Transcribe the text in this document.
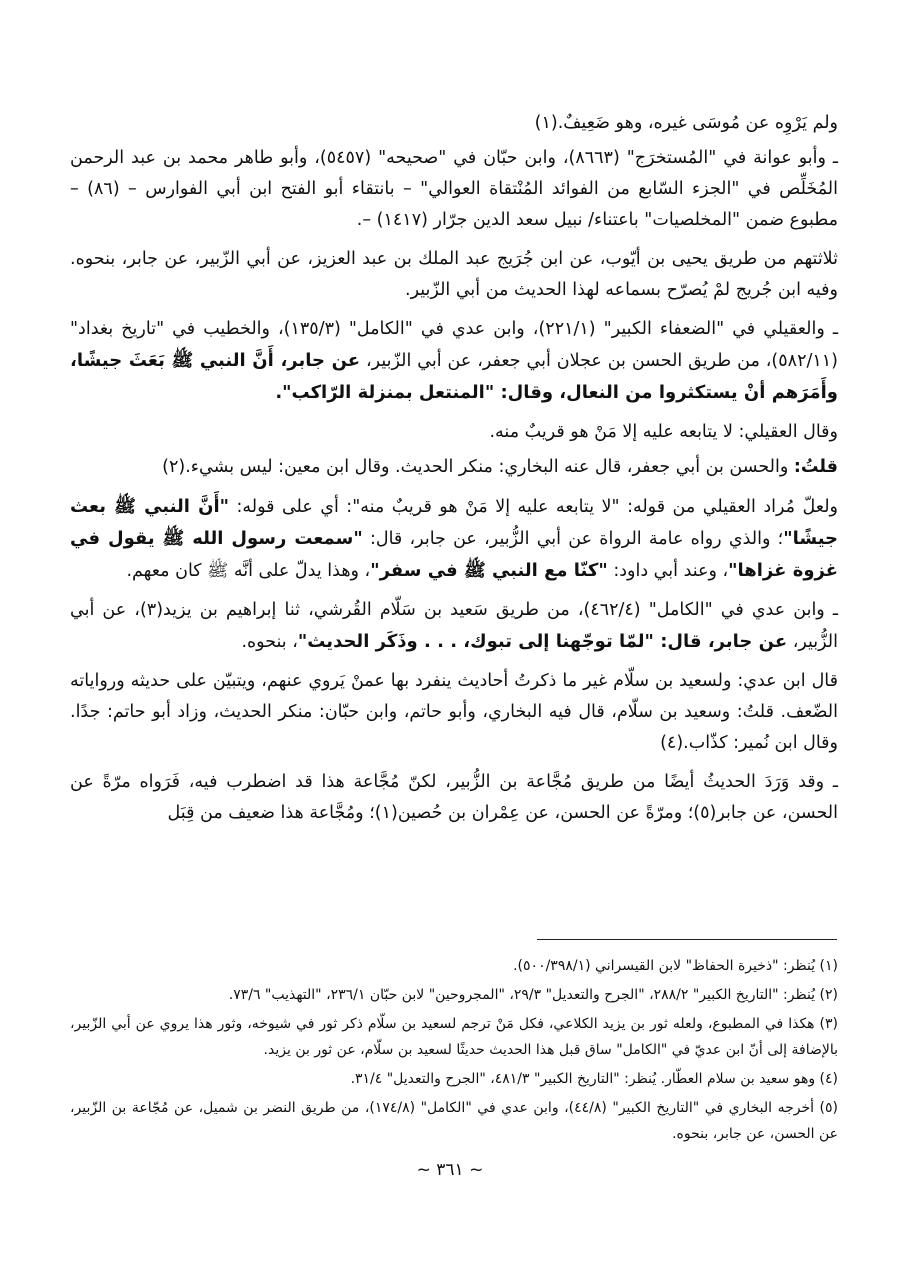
ولم يَرْوِه عن مُوسَى غيره، وهو ضَعِيفٌ.(١)

ـ وأبو عوانة في "المُستخرَج" (٨٦٦٣)، وابن حبّان في "صحيحه" (٥٤٥٧)، وأبو طاهر محمد بن عبد الرحمن المُخَلِّص في "الجزء السّابع من الفوائد المُنْتقاة العوالي" – بانتقاء أبو الفتح ابن أبي الفوارس – (٨٦) – مطبوع ضمن "المخلصيات" باعتناء/ نبيل سعد الدين جرّار (١٤١٧) –.

ثلاثتهم من طريق يحيى بن أيّوب، عن ابن جُرَيج عبد الملك بن عبد العزيز، عن أبي الزّبير، عن جابر، بنحوه. وفيه ابن جُريج لمْ يُصرّح بسماعه لهذا الحديث من أبي الزّبير.

ـ والعقيلي في "الضعفاء الكبير" (٢٢١/١)، وابن عدي في "الكامل" (١٣٥/٣)، والخطيب في "تاريخ بغداد" (٥٨٢/١١)، من طريق الحسن بن عجلان أبي جعفر، عن أبي الزّبير، عن جابر، أَنَّ النبي ﷺ بَعَثَ جيشًا، وأَمَرَهم أنْ يستكثروا من النعال، وقال: "المنتعل بمنزلة الرّاكب".

وقال العقيلي: لا يتابعه عليه إلا مَنْ هو قريبٌ منه.

قلتُ: والحسن بن أبي جعفر، قال عنه البخاري: منكر الحديث. وقال ابن معين: ليس بشيء.(٢)

ولعلّ مُراد العقيلي من قوله: "لا يتابعه عليه إلا مَنْ هو قريبٌ منه": أي على قوله: "أَنَّ النبي ﷺ بعث جيشًا"؛ والذي رواه عامة الرواة عن أبي الزُّبير، عن جابر، قال: "سمعت رسول الله ﷺ يقول في غزوة غزاها"، وعند أبي داود: "كنّا مع النبي ﷺ في سفر"، وهذا يدلّ على أنَّه ﷺ كان معهم.

ـ وابن عدي في "الكامل" (٤٦٢/٤)، من طريق سَعيد بن سَلّام القُرشي، ثنا إبراهيم بن يزيد(٣)، عن أبي الزُّبير، عن جابر، قال: "لمّا توجّهنا إلى تبوك، . . . وذَكَر الحديث"، بنحوه.

قال ابن عدي: ولسعيد بن سلّام غير ما ذكرتُ أحاديث ينفرد بها عمنْ يَروي عنهم، ويتبيّن على حديثه ورواياته الضّعف. قلتُ: وسعيد بن سلّام، قال فيه البخاري، وأبو حاتم، وابن حبّان: منكر الحديث، وزاد أبو حاتم: جدًا. وقال ابن نُمير: كذّاب.(٤)

ـ وقد وَرَدَ الحديثُ أيضًا من طريق مُجَّاعة بن الزُّبير، لكنّ مُجَّاعة هذا قد اضطرب فيه، فَرَواه مرّةً عن الحسن، عن جابر(٥)؛ ومرّةً عن الحسن، عن عِمْران بن حُصين(١)؛ ومُجَّاعة هذا ضعيف من قِبَل

(١) يُنظر: "ذخيرة الحفاظ" لابن القيسراني (٥٠٠/٣٩٨/١).

(٢) يُنظر: "التاريخ الكبير" ٢٨٨/٢، "الجرح والتعديل" ٢٩/٣، "المجروحين" لابن حبّان ٢٣٦/١، "التهذيب" ٧٣/٦.

(٣) هكذا في المطبوع، ولعله ثور بن يزيد الكلاعي، فكل مَنْ ترجم لسعيد بن سلّام ذكر ثور في شيوخه، وثور هذا يروي عن أبي الزّبير، بالإضافة إلى أنّ ابن عديّ في "الكامل" ساق قبل هذا الحديث حديثًا لسعيد بن سلّام، عن ثور بن يزيد.

(٤) وهو سعيد بن سلام العطّار. يُنظر: "التاريخ الكبير" ٤٨١/٣، "الجرح والتعديل" ٣١/٤.

(٥) أخرجه البخاري في "التاريخ الكبير" (٤٤/٨)، وابن عدي في "الكامل" (١٧٤/٨)، من طريق النضر بن شميل، عن مُجّاعة بن الزّبير، عن الحسن، عن جابر، بنحوه.

~ ٣٦١ ~
